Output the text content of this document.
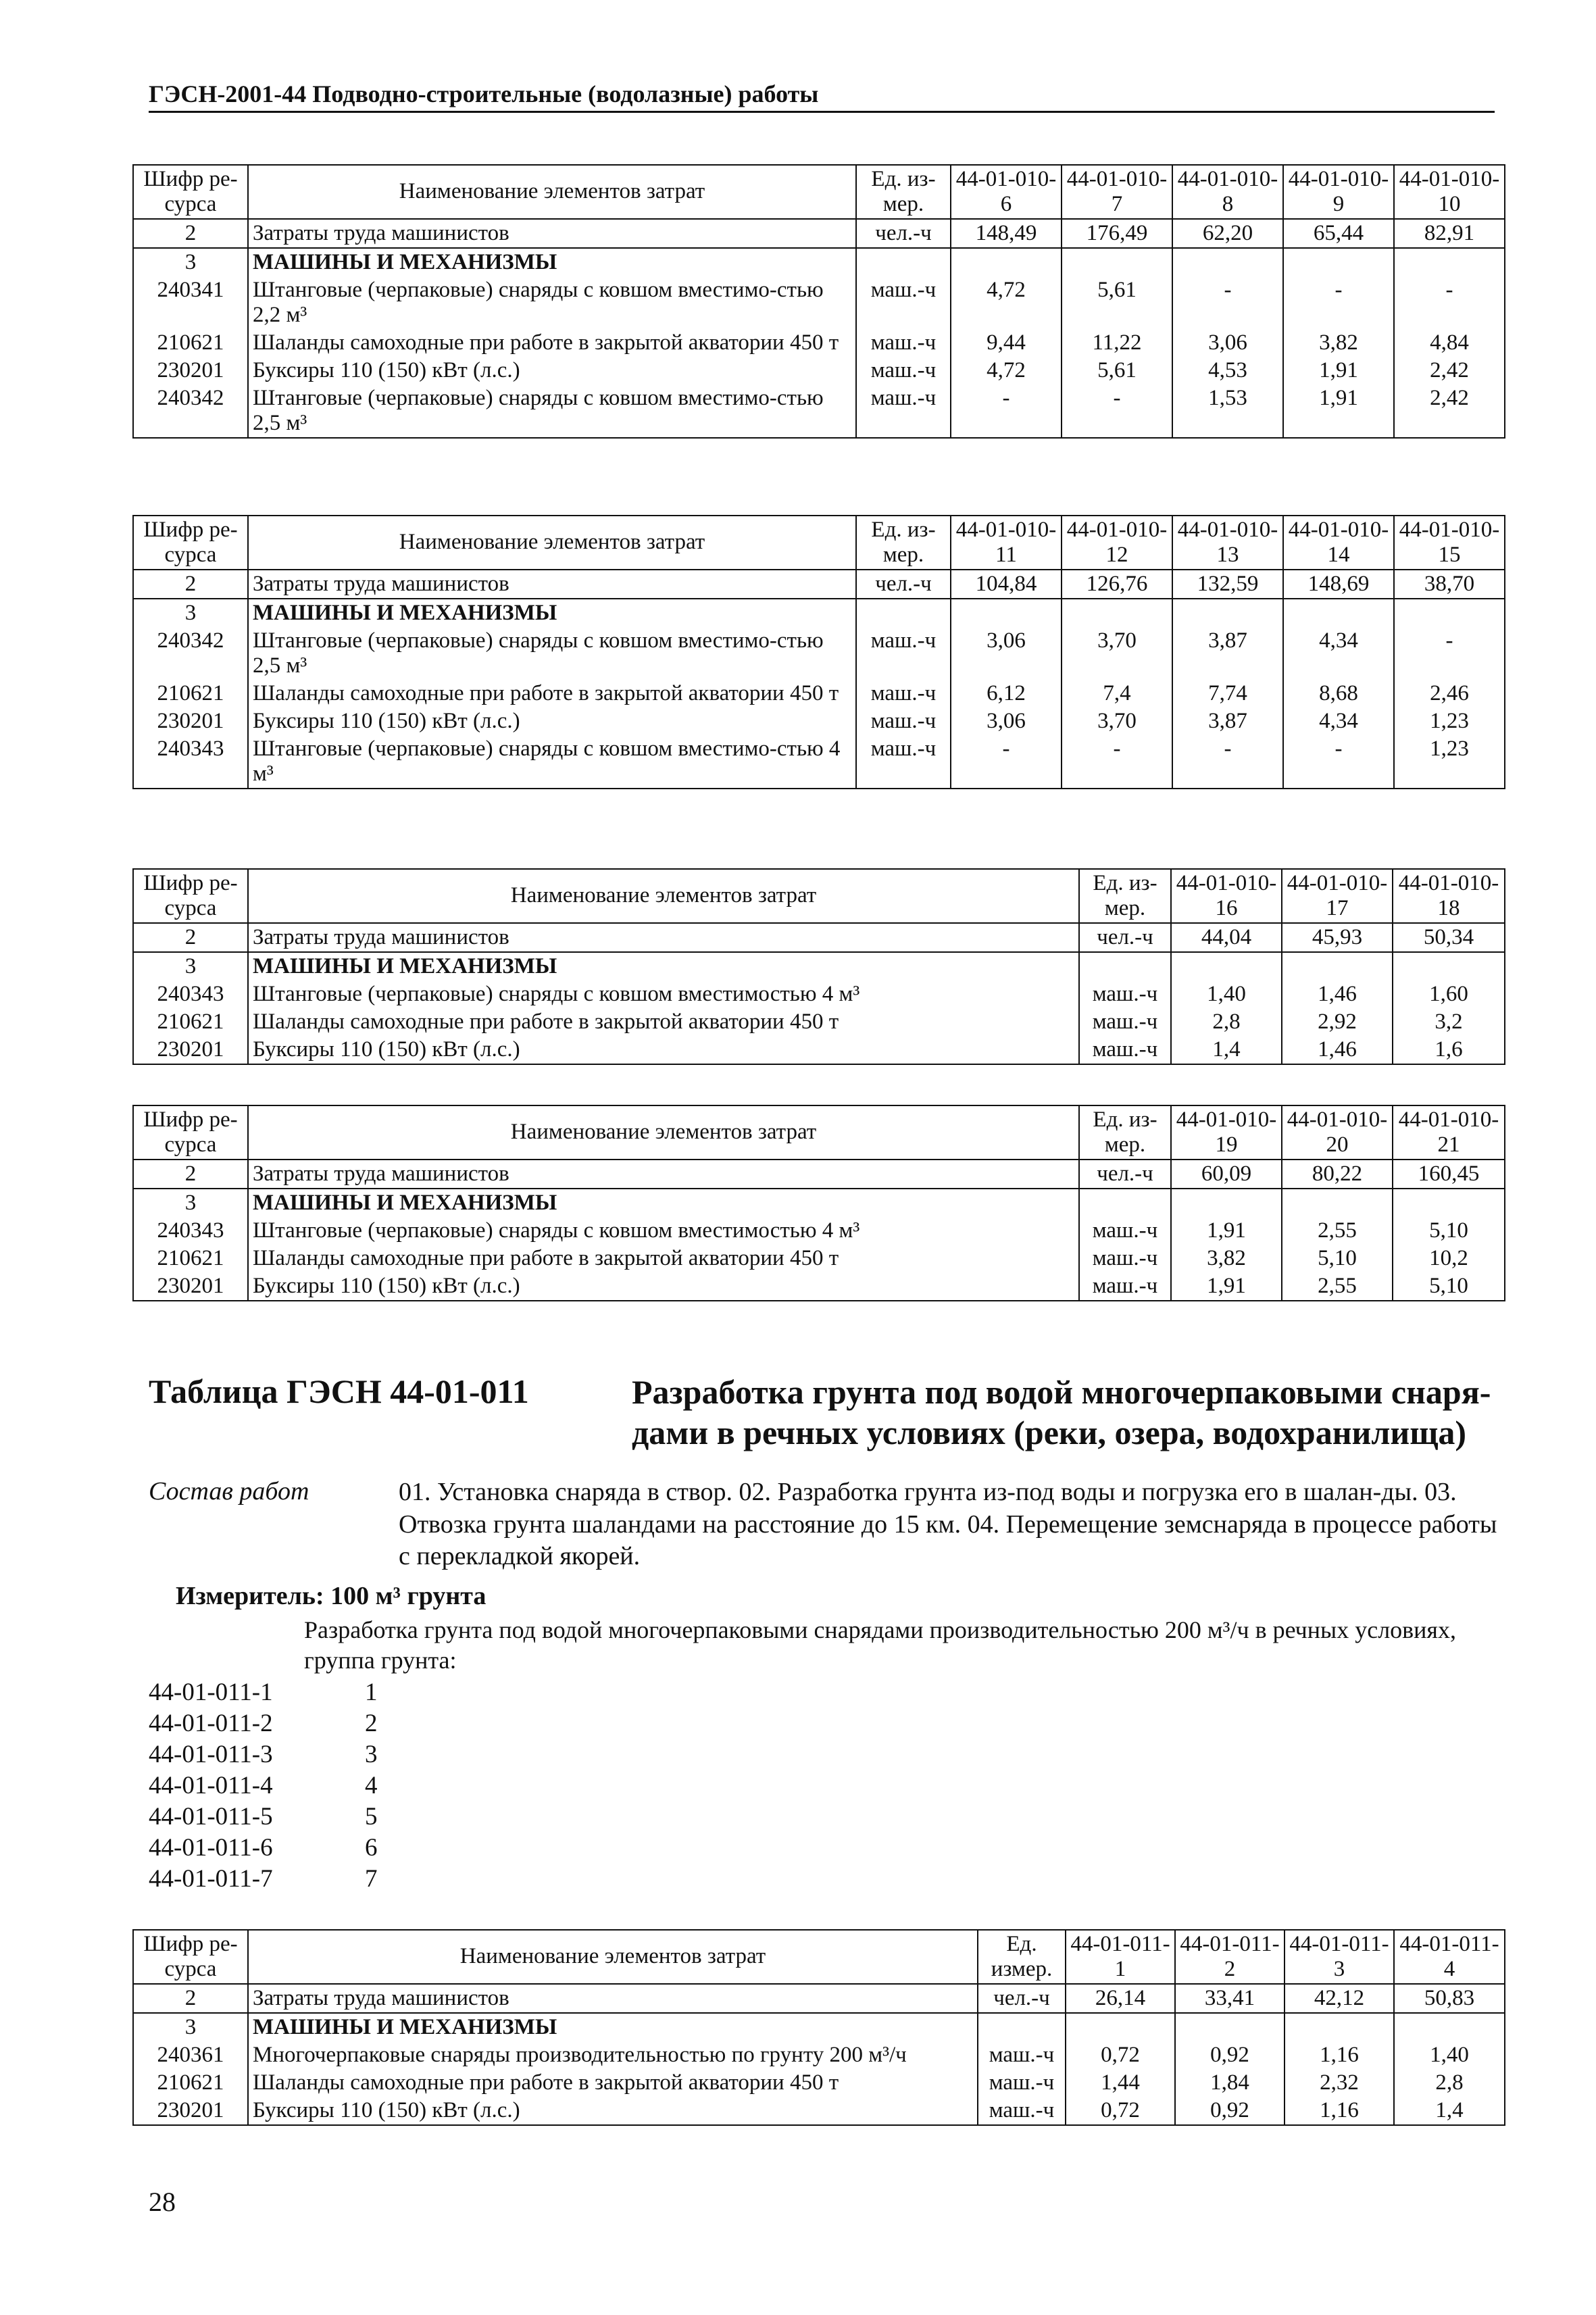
ГЭСН-2001-44 Подводно-строительные (водолазные) работы
Шифр ре-сурса	Наименование элементов затрат	Ед. из-мер.	44-01-010-6	44-01-010-7	44-01-010-8	44-01-010-9	44-01-010-10
2	Затраты труда машинистов	чел.-ч	148,49	176,49	62,20	65,44	82,91
3	МАШИНЫ И МЕХАНИЗМЫ						
240341	Штанговые (черпаковые) снаряды с ковшом вместимо-стью 2,2 м³	маш.-ч	4,72	5,61	-	-	-
210621	Шаланды самоходные при работе в закрытой акватории 450 т	маш.-ч	9,44	11,22	3,06	3,82	4,84
230201	Буксиры 110 (150) кВт (л.с.)	маш.-ч	4,72	5,61	4,53	1,91	2,42
240342	Штанговые (черпаковые) снаряды с ковшом вместимо-стью 2,5 м³	маш.-ч	-	-	1,53	1,91	2,42
Шифр ре-сурса	Наименование элементов затрат	Ед. из-мер.	44-01-010-11	44-01-010-12	44-01-010-13	44-01-010-14	44-01-010-15
2	Затраты труда машинистов	чел.-ч	104,84	126,76	132,59	148,69	38,70
3	МАШИНЫ И МЕХАНИЗМЫ						
240342	Штанговые (черпаковые) снаряды с ковшом вместимо-стью 2,5 м³	маш.-ч	3,06	3,70	3,87	4,34	-
210621	Шаланды самоходные при работе в закрытой акватории 450 т	маш.-ч	6,12	7,4	7,74	8,68	2,46
230201	Буксиры 110 (150) кВт (л.с.)	маш.-ч	3,06	3,70	3,87	4,34	1,23
240343	Штанговые (черпаковые) снаряды с ковшом вместимо-стью 4 м³	маш.-ч	-	-	-	-	1,23
Шифр ре-сурса	Наименование элементов затрат	Ед. из-мер.	44-01-010-16	44-01-010-17	44-01-010-18
2	Затраты труда машинистов	чел.-ч	44,04	45,93	50,34
3	МАШИНЫ И МЕХАНИЗМЫ				
240343	Штанговые (черпаковые) снаряды с ковшом вместимостью 4 м³	маш.-ч	1,40	1,46	1,60
210621	Шаланды самоходные при работе в закрытой акватории 450 т	маш.-ч	2,8	2,92	3,2
230201	Буксиры 110 (150) кВт (л.с.)	маш.-ч	1,4	1,46	1,6
Шифр ре-сурса	Наименование элементов затрат	Ед. из-мер.	44-01-010-19	44-01-010-20	44-01-010-21
2	Затраты труда машинистов	чел.-ч	60,09	80,22	160,45
3	МАШИНЫ И МЕХАНИЗМЫ				
240343	Штанговые (черпаковые) снаряды с ковшом вместимостью 4 м³	маш.-ч	1,91	2,55	5,10
210621	Шаланды самоходные при работе в закрытой акватории 450 т	маш.-ч	3,82	5,10	10,2
230201	Буксиры 110 (150) кВт (л.с.)	маш.-ч	1,91	2,55	5,10
Таблица ГЭСН 44-01-011	Разработка грунта под водой многочерпаковыми снаря-дами в речных условиях (реки, озера, водохранилища)
Состав работ	01. Установка снаряда в створ. 02. Разработка грунта из-под воды и погрузка его в шалан-ды. 03. Отвозка грунта шаландами на расстояние до 15 км. 04. Перемещение земснаряда в процессе работы с перекладкой якорей.
Измеритель: 100 м³ грунта
Разработка грунта под водой многочерпаковыми снарядами производительностью 200 м³/ч в речных условиях, группа грунта:
44-01-011-1	1
44-01-011-2	2
44-01-011-3	3
44-01-011-4	4
44-01-011-5	5
44-01-011-6	6
44-01-011-7	7
Шифр ре-сурса	Наименование элементов затрат	Ед. измер.	44-01-011-1	44-01-011-2	44-01-011-3	44-01-011-4
2	Затраты труда машинистов	чел.-ч	26,14	33,41	42,12	50,83
3	МАШИНЫ И МЕХАНИЗМЫ					
240361	Многочерпаковые снаряды производительностью по грунту 200 м³/ч	маш.-ч	0,72	0,92	1,16	1,40
210621	Шаланды самоходные при работе в закрытой акватории 450 т	маш.-ч	1,44	1,84	2,32	2,8
230201	Буксиры 110 (150) кВт (л.с.)	маш.-ч	0,72	0,92	1,16	1,4
28
